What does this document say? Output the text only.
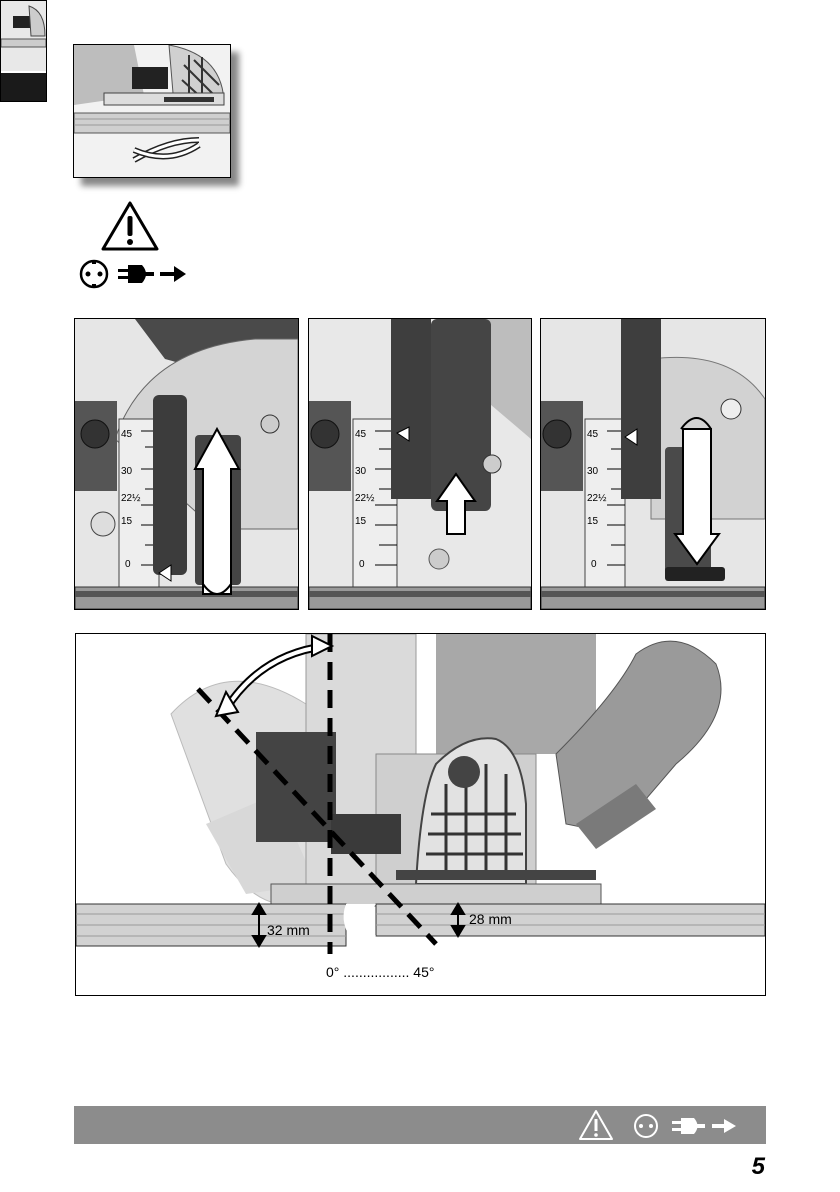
45
30
22½
15
0
45
30
22½
15
0
45
30
22½
15
0
32 mm
28 mm
0° ................. 45°
5
